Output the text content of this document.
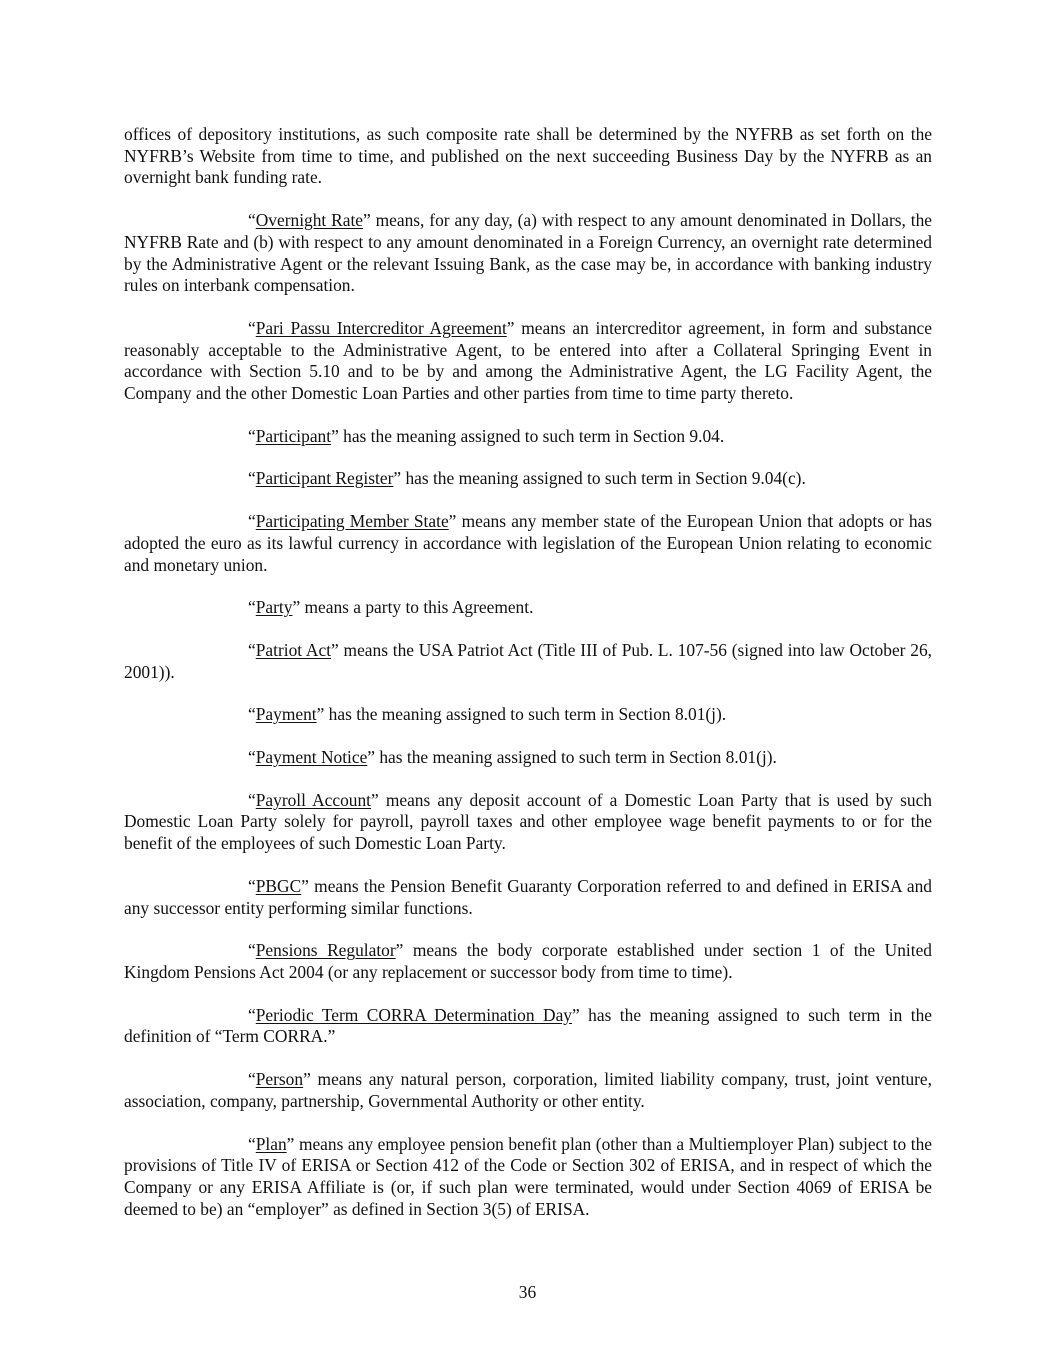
offices of depository institutions, as such composite rate shall be determined by the NYFRB as set forth on the NYFRB’s Website from time to time, and published on the next succeeding Business Day by the NYFRB as an overnight bank funding rate.

“Overnight Rate” means, for any day, (a) with respect to any amount denominated in Dollars, the NYFRB Rate and (b) with respect to any amount denominated in a Foreign Currency, an overnight rate determined by the Administrative Agent or the relevant Issuing Bank, as the case may be, in accordance with banking industry rules on interbank compensation.

“Pari Passu Intercreditor Agreement” means an intercreditor agreement, in form and substance reasonably acceptable to the Administrative Agent, to be entered into after a Collateral Springing Event in accordance with Section 5.10 and to be by and among the Administrative Agent, the LG Facility Agent, the Company and the other Domestic Loan Parties and other parties from time to time party thereto.

“Participant” has the meaning assigned to such term in Section 9.04.

“Participant Register” has the meaning assigned to such term in Section 9.04(c).

“Participating Member State” means any member state of the European Union that adopts or has adopted the euro as its lawful currency in accordance with legislation of the European Union relating to economic and monetary union.

“Party” means a party to this Agreement.

“Patriot Act” means the USA Patriot Act (Title III of Pub. L. 107-56 (signed into law October 26, 2001)).

“Payment” has the meaning assigned to such term in Section 8.01(j).

“Payment Notice” has the meaning assigned to such term in Section 8.01(j).

“Payroll Account” means any deposit account of a Domestic Loan Party that is used by such Domestic Loan Party solely for payroll, payroll taxes and other employee wage benefit payments to or for the benefit of the employees of such Domestic Loan Party.

“PBGC” means the Pension Benefit Guaranty Corporation referred to and defined in ERISA and any successor entity performing similar functions.

“Pensions Regulator” means the body corporate established under section 1 of the United Kingdom Pensions Act 2004 (or any replacement or successor body from time to time).

“Periodic Term CORRA Determination Day” has the meaning assigned to such term in the definition of “Term CORRA.”

“Person” means any natural person, corporation, limited liability company, trust, joint venture, association, company, partnership, Governmental Authority or other entity.

“Plan” means any employee pension benefit plan (other than a Multiemployer Plan) subject to the provisions of Title IV of ERISA or Section 412 of the Code or Section 302 of ERISA, and in respect of which the Company or any ERISA Affiliate is (or, if such plan were terminated, would under Section 4069 of ERISA be deemed to be) an “employer” as defined in Section 3(5) of ERISA.

36
